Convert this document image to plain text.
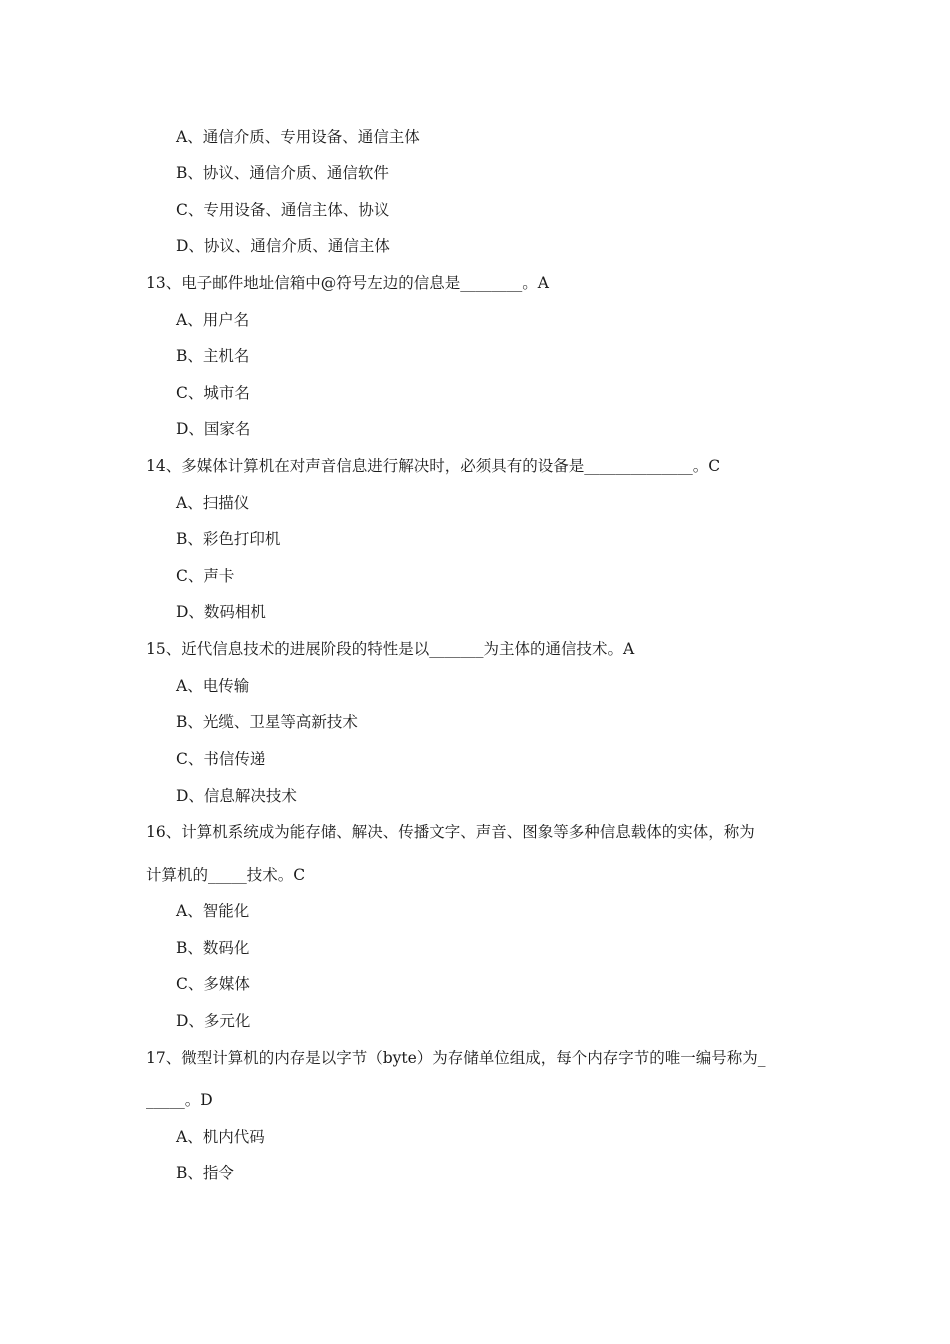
A、通信介质、专用设备、通信主体
B、协议、通信介质、通信软件
C、专用设备、通信主体、协议
D、协议、通信介质、通信主体
13、电子邮件地址信箱中@符号左边的信息是________。A
A、用户名
B、主机名
C、城市名
D、国家名
14、多媒体计算机在对声音信息进行解决时，必须具有的设备是______________。C
A、扫描仪
B、彩色打印机
C、声卡
D、数码相机
15、近代信息技术的进展阶段的特性是以_______为主体的通信技术。A
A、电传输
B、光缆、卫星等高新技术
C、书信传递
D、信息解决技术
16、计算机系统成为能存储、解决、传播文字、声音、图象等多种信息载体的实体，称为
计算机的_____技术。C
A、智能化
B、数码化
C、多媒体
D、多元化
17、微型计算机的内存是以字节（byte）为存储单位组成，每个内存字节的唯一编号称为_
_____。D
A、机内代码
B、指令
